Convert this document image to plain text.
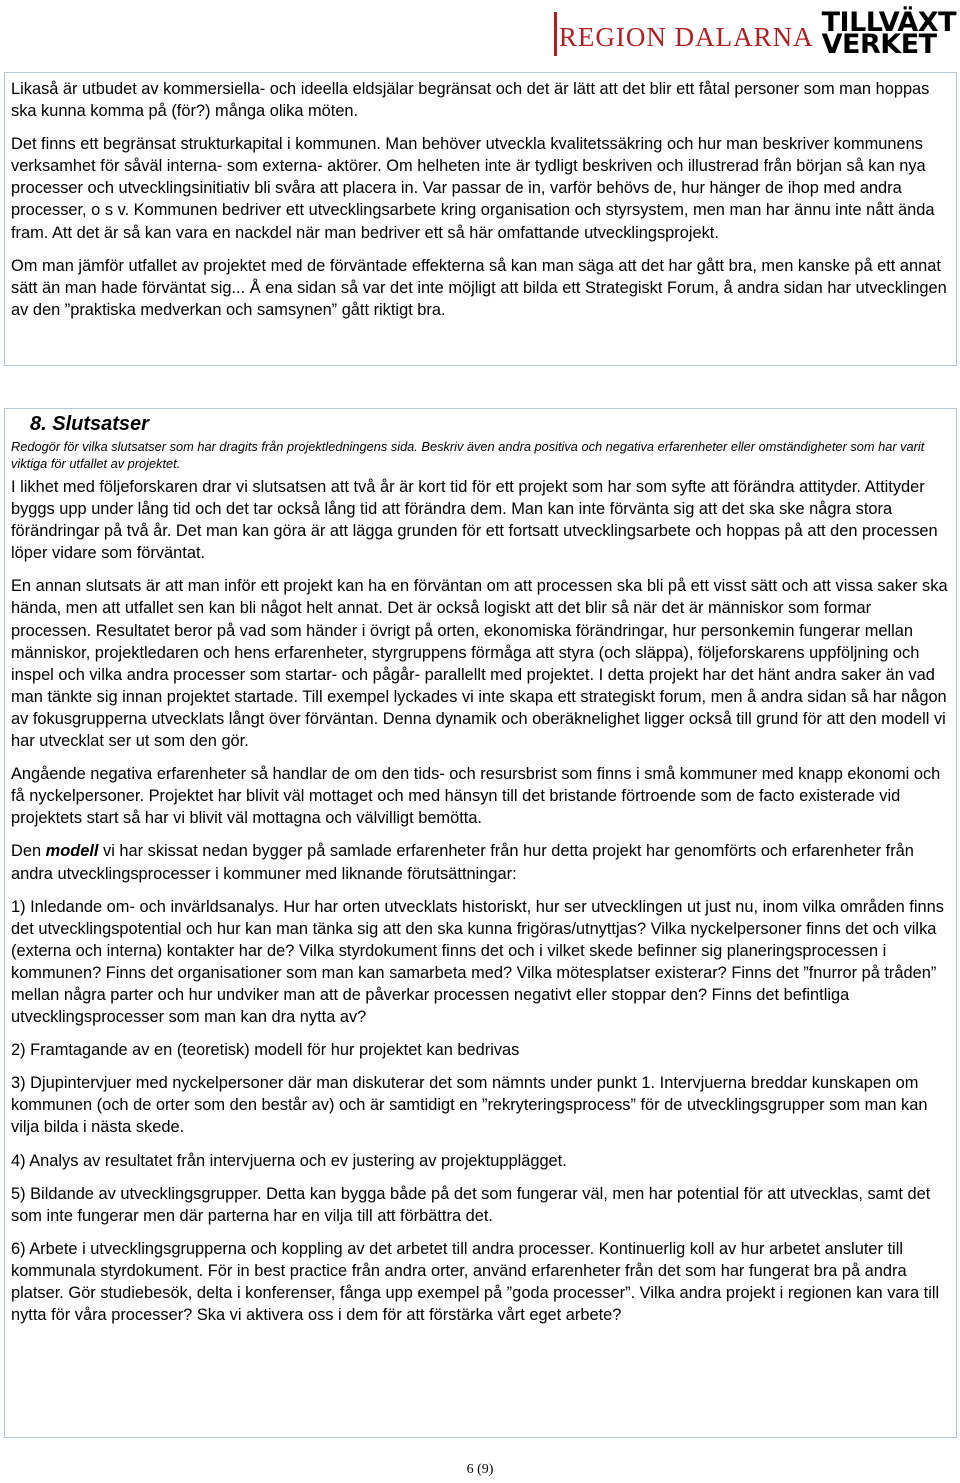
REGION DALARNA TILLVÄXT
VERKET

Likaså är utbudet av kommersiella- och ideella eldsjälar begränsat och det är lätt att det blir ett fåtal personer som man hoppas ska kunna komma på (för?) många olika möten.

Det finns ett begränsat strukturkapital i kommunen. Man behöver utveckla kvalitetssäkring och hur man beskriver kommunens verksamhet för såväl interna- som externa- aktörer. Om helheten inte är tydligt beskriven och illustrerad från början så kan nya processer och utvecklingsinitiativ bli svåra att placera in. Var passar de in, varför behövs de, hur hänger de ihop med andra processer, o s v. Kommunen bedriver ett utvecklingsarbete kring organisation och styrsystem, men man har ännu inte nått ända fram. Att det är så kan vara en nackdel när man bedriver ett så här omfattande utvecklingsprojekt.

Om man jämför utfallet av projektet med de förväntade effekterna så kan man säga att det har gått bra, men kanske på ett annat sätt än man hade förväntat sig... Å ena sidan så var det inte möjligt att bilda ett Strategiskt Forum, å andra sidan har utvecklingen av den ”praktiska medverkan och samsynen” gått riktigt bra.

8. Slutsatser
Redogör för vilka slutsatser som har dragits från projektledningens sida. Beskriv även andra positiva och negativa erfarenheter eller omständigheter som har varit viktiga för utfallet av projektet.

I likhet med följeforskaren drar vi slutsatsen att två år är kort tid för ett projekt som har som syfte att förändra attityder. Attityder byggs upp under lång tid och det tar också lång tid att förändra dem. Man kan inte förvänta sig att det ska ske några stora förändringar på två år. Det man kan göra är att lägga grunden för ett fortsatt utvecklingsarbete och hoppas på att den processen löper vidare som förväntat.

En annan slutsats är att man inför ett projekt kan ha en förväntan om att processen ska bli på ett visst sätt och att vissa saker ska hända, men att utfallet sen kan bli något helt annat. Det är också logiskt att det blir så när det är människor som formar processen. Resultatet beror på vad som händer i övrigt på orten, ekonomiska förändringar, hur personkemin fungerar mellan människor, projektledaren och hens erfarenheter, styrgruppens förmåga att styra (och släppa), följeforskarens uppföljning och inspel och vilka andra processer som startar- och pågår- parallellt med projektet. I detta projekt har det hänt andra saker än vad man tänkte sig innan projektet startade. Till exempel lyckades vi inte skapa ett strategiskt forum, men å andra sidan så har någon av fokusgrupperna utvecklats långt över förväntan. Denna dynamik och oberäknelighet ligger också till grund för att den modell vi har utvecklat ser ut som den gör.

Angående negativa erfarenheter så handlar de om den tids- och resursbrist som finns i små kommuner med knapp ekonomi och få nyckelpersoner. Projektet har blivit väl mottaget och med hänsyn till det bristande förtroende som de facto existerade vid projektets start så har vi blivit väl mottagna och välvilligt bemötta.

Den modell vi har skissat nedan bygger på samlade erfarenheter från hur detta projekt har genomförts och erfarenheter från andra utvecklingsprocesser i kommuner med liknande förutsättningar:

1) Inledande om- och invärldsanalys. Hur har orten utvecklats historiskt, hur ser utvecklingen ut just nu, inom vilka områden finns det utvecklingspotential och hur kan man tänka sig att den ska kunna frigöras/utnyttjas? Vilka nyckelpersoner finns det och vilka (externa och interna) kontakter har de? Vilka styrdokument finns det och i vilket skede befinner sig planeringsprocessen i kommunen? Finns det organisationer som man kan samarbeta med? Vilka mötesplatser existerar? Finns det ”fnurror på tråden” mellan några parter och hur undviker man att de påverkar processen negativt eller stoppar den? Finns det befintliga utvecklingsprocesser som man kan dra nytta av?

2) Framtagande av en (teoretisk) modell för hur projektet kan bedrivas

3) Djupintervjuer med nyckelpersoner där man diskuterar det som nämnts under punkt 1. Intervjuerna breddar kunskapen om kommunen (och de orter som den består av) och är samtidigt en ”rekryteringsprocess” för de utvecklingsgrupper som man kan vilja bilda i nästa skede.

4) Analys av resultatet från intervjuerna och ev justering av projektupplägget.

5) Bildande av utvecklingsgrupper. Detta kan bygga både på det som fungerar väl, men har potential för att utvecklas, samt det som inte fungerar men där parterna har en vilja till att förbättra det.

6) Arbete i utvecklingsgrupperna och koppling av det arbetet till andra processer. Kontinuerlig koll av hur arbetet ansluter till kommunala styrdokument. För in best practice från andra orter, använd erfarenheter från det som har fungerat bra på andra platser. Gör studiebesök, delta i konferenser, fånga upp exempel på ”goda processer”. Vilka andra projekt i regionen kan vara till nytta för våra processer? Ska vi aktivera oss i dem för att förstärka vårt eget arbete?

6 (9)
